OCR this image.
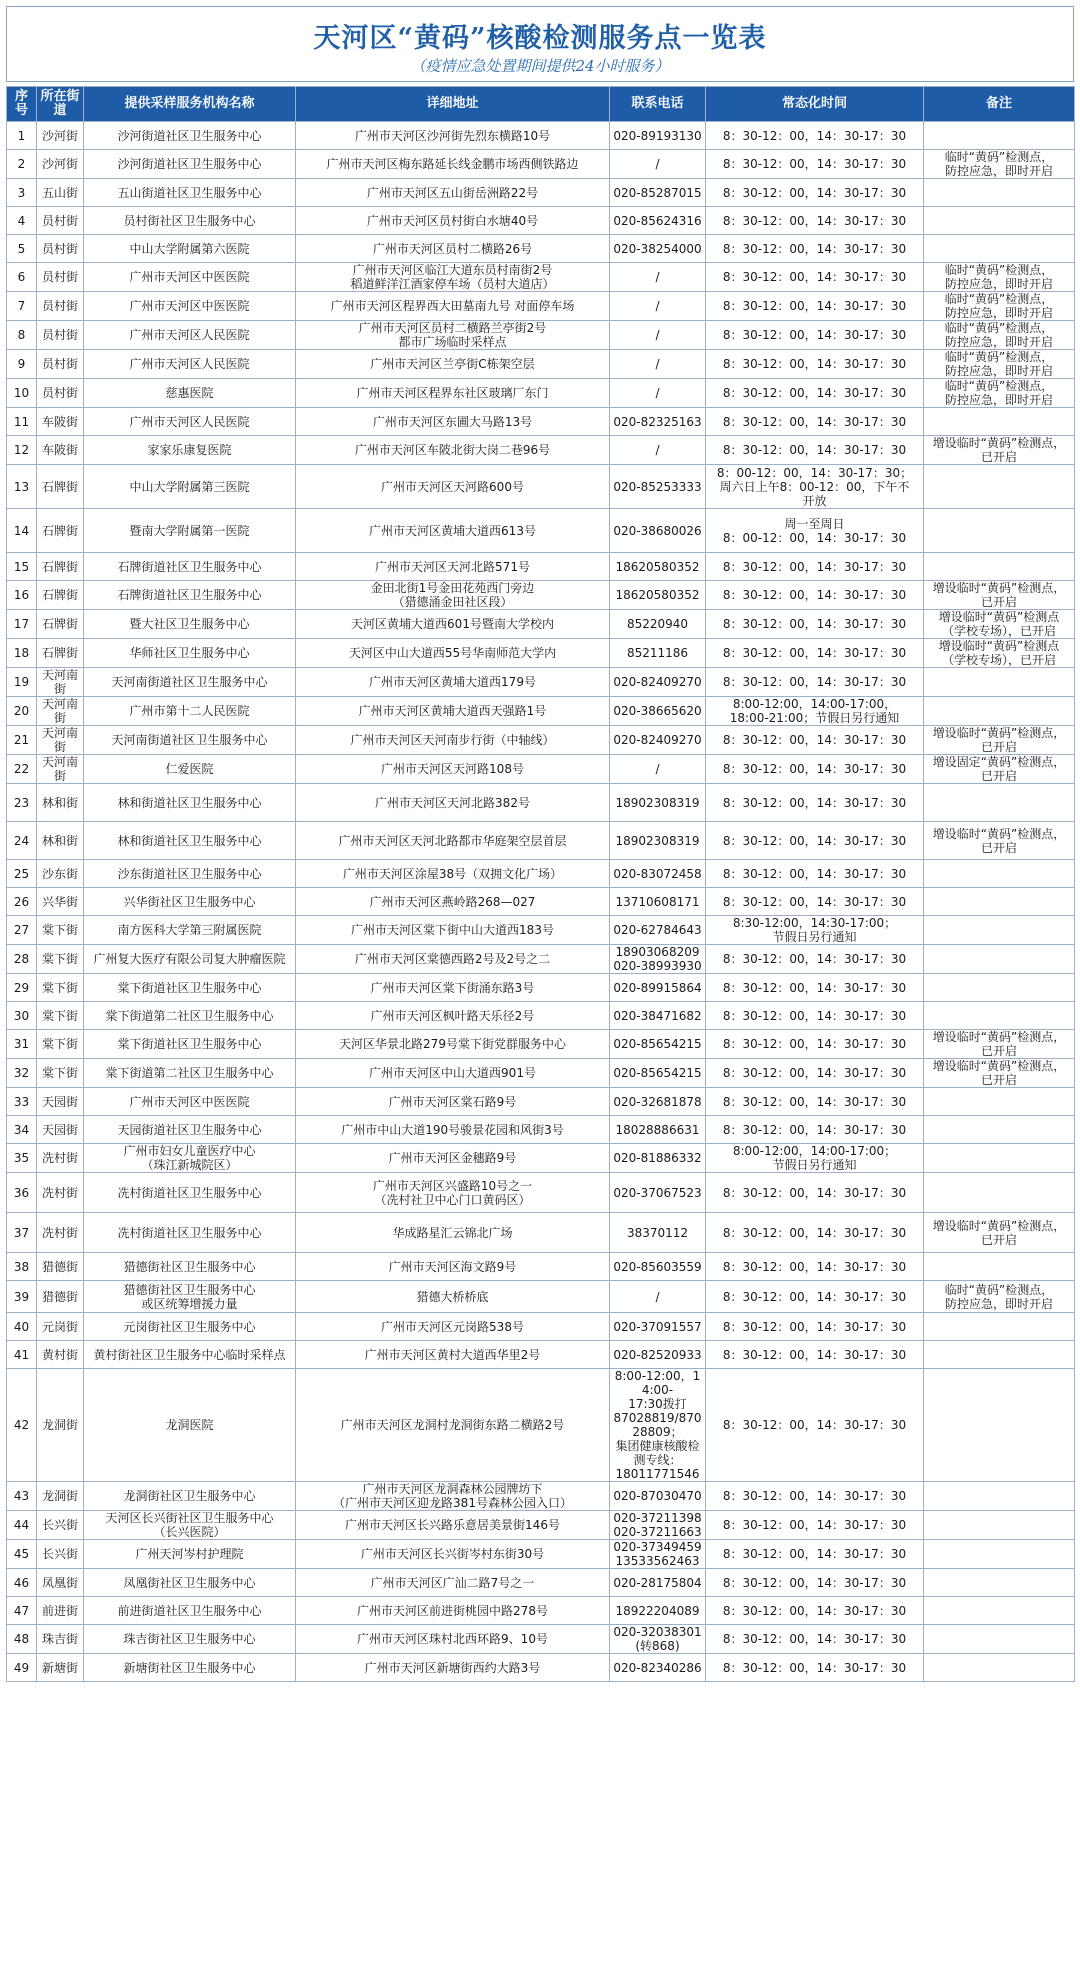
天河区“黄码”核酸检测服务点一览表
（疫情应急处置期间提供24小时服务）
序号	所在街道	提供采样服务机构名称	详细地址	联系电话	常态化时间	备注
1	沙河街	沙河街道社区卫生服务中心	广州市天河区沙河街先烈东横路10号	020-89193130	8：30-12：00，14：30-17：30	
2	沙河街	沙河街道社区卫生服务中心	广州市天河区梅东路延长线金鹏市场西侧铁路边	/	8：30-12：00，14：30-17：30	临时“黄码”检测点，
防控应急，即时开启
3	五山街	五山街道社区卫生服务中心	广州市天河区五山街岳洲路22号	020-85287015	8：30-12：00，14：30-17：30	
4	员村街	员村街社区卫生服务中心	广州市天河区员村街白水塘40号	020-85624316	8：30-12：00，14：30-17：30	
5	员村街	中山大学附属第六医院	广州市天河区员村二横路26号	020-38254000	8：30-12：00，14：30-17：30	
6	员村街	广州市天河区中医医院	广州市天河区临江大道东员村南街2号
稻道鲜洋江酒家停车场（员村大道店）	/	8：30-12：00，14：30-17：30	临时“黄码”检测点，
防控应急，即时开启
7	员村街	广州市天河区中医医院	广州市天河区程界西大田墓南九号 对面停车场	/	8：30-12：00，14：30-17：30	临时“黄码”检测点，
防控应急，即时开启
8	员村街	广州市天河区人民医院	广州市天河区员村二横路兰亭街2号
都市广场临时采样点	/	8：30-12：00，14：30-17：30	临时“黄码”检测点，
防控应急，即时开启
9	员村街	广州市天河区人民医院	广州市天河区兰亭街C栋架空层	/	8：30-12：00，14：30-17：30	临时“黄码”检测点，
防控应急，即时开启
10	员村街	慈惠医院	广州市天河区程界东社区玻璃厂东门	/	8：30-12：00，14：30-17：30	临时“黄码”检测点，
防控应急，即时开启
11	车陂街	广州市天河区人民医院	广州市天河区东圃大马路13号	020-82325163	8：30-12：00，14：30-17：30	
12	车陂街	家家乐康复医院	广州市天河区车陂北街大岗二巷96号	/	8：30-12：00，14：30-17：30	增设临时“黄码”检测点，
已开启
13	石牌街	中山大学附属第三医院	广州市天河区天河路600号	020-85253333	8：00-12：00，14：30-17：30；
周六日上午8：00-12：00，下午不
开放	
14	石牌街	暨南大学附属第一医院	广州市天河区黄埔大道西613号	020-38680026	周一至周日
8：00-12：00，14：30-17：30	
15	石牌街	石牌街道社区卫生服务中心	广州市天河区天河北路571号	18620580352	8：30-12：00，14：30-17：30	
16	石牌街	石牌街道社区卫生服务中心	金田北街1号金田花苑西门旁边
（猎德涌金田社区段）	18620580352	8：30-12：00，14：30-17：30	增设临时“黄码”检测点，
已开启
17	石牌街	暨大社区卫生服务中心	天河区黄埔大道西601号暨南大学校内	85220940	8：30-12：00，14：30-17：30	增设临时“黄码”检测点
（学校专场），已开启
18	石牌街	华师社区卫生服务中心	天河区中山大道西55号华南师范大学内	85211186	8：30-12：00，14：30-17：30	增设临时“黄码”检测点
（学校专场），已开启
19	天河南街	天河南街道社区卫生服务中心	广州市天河区黄埔大道西179号	020-82409270	8：30-12：00，14：30-17：30	
20	天河南街	广州市第十二人民医院	广州市天河区黄埔大道西天强路1号	020-38665620	8:00-12:00，14:00-17:00，
18:00-21:00；节假日另行通知	
21	天河南街	天河南街道社区卫生服务中心	广州市天河区天河南步行街（中轴线）	020-82409270	8：30-12：00，14：30-17：30	增设临时“黄码”检测点，
已开启
22	天河南街	仁爱医院	广州市天河区天河路108号	/	8：30-12：00，14：30-17：30	增设固定“黄码”检测点，
已开启
23	林和街	林和街道社区卫生服务中心	广州市天河区天河北路382号	18902308319	8：30-12：00，14：30-17：30	
24	林和街	林和街道社区卫生服务中心	广州市天河区天河北路都市华庭架空层首层	18902308319	8：30-12：00，14：30-17：30	增设临时“黄码”检测点，
已开启
25	沙东街	沙东街道社区卫生服务中心	广州市天河区涂屋38号（双拥文化广场）	020-83072458	8：30-12：00，14：30-17：30	
26	兴华街	兴华街社区卫生服务中心	广州市天河区燕岭路268—027	13710608171	8：30-12：00，14：30-17：30	
27	棠下街	南方医科大学第三附属医院	广州市天河区棠下街中山大道西183号	020-62784643	8:30-12:00，14:30-17:00；
节假日另行通知	
28	棠下街	广州复大医疗有限公司复大肿瘤医院	广州市天河区棠德西路2号及2号之二	18903068209
020-38993930	8：30-12：00，14：30-17：30	
29	棠下街	棠下街道社区卫生服务中心	广州市天河区棠下街涌东路3号	020-89915864	8：30-12：00，14：30-17：30	
30	棠下街	棠下街道第二社区卫生服务中心	广州市天河区枫叶路天乐径2号	020-38471682	8：30-12：00，14：30-17：30	
31	棠下街	棠下街道社区卫生服务中心	天河区华景北路279号棠下街党群服务中心	020-85654215	8：30-12：00，14：30-17：30	增设临时“黄码”检测点，
已开启
32	棠下街	棠下街道第二社区卫生服务中心	广州市天河区中山大道西901号	020-85654215	8：30-12：00，14：30-17：30	增设临时“黄码”检测点，
已开启
33	天园街	广州市天河区中医医院	广州市天河区棠石路9号	020-32681878	8：30-12：00，14：30-17：30	
34	天园街	天园街道社区卫生服务中心	广州市中山大道190号骏景花园和风街3号	18028886631	8：30-12：00，14：30-17：30	
35	冼村街	广州市妇女儿童医疗中心
（珠江新城院区）	广州市天河区金穗路9号	020-81886332	8:00-12:00，14:00-17:00；
节假日另行通知	
36	冼村街	冼村街道社区卫生服务中心	广州市天河区兴盛路10号之一
（冼村社卫中心门口黄码区）	020-37067523	8：30-12：00，14：30-17：30	
37	冼村街	冼村街道社区卫生服务中心	华成路星汇云锦北广场	38370112	8：30-12：00，14：30-17：30	增设临时“黄码”检测点，
已开启
38	猎德街	猎德街社区卫生服务中心	广州市天河区海文路9号	020-85603559	8：30-12：00，14：30-17：30	
39	猎德街	猎德街社区卫生服务中心
或区统筹增援力量	猎德大桥桥底	/	8：30-12：00，14：30-17：30	临时“黄码”检测点，
防控应急，即时开启
40	元岗街	元岗街社区卫生服务中心	广州市天河区元岗路538号	020-37091557	8：30-12：00，14：30-17：30	
41	黄村街	黄村街社区卫生服务中心临时采样点	广州市天河区黄村大道西华里2号	020-82520933	8：30-12：00，14：30-17：30	
42	龙洞街	龙洞医院	广州市天河区龙洞村龙洞街东路二横路2号	8:00-12:00，14:00-
17:30拨打
87028819/87028809；
集团健康核酸检测专线：
18011771546	8：30-12：00，14：30-17：30	
43	龙洞街	龙洞街社区卫生服务中心	广州市天河区龙洞森林公园牌坊下
（广州市天河区迎龙路381号森林公园入口）	020-87030470	8：30-12：00，14：30-17：30	
44	长兴街	天河区长兴街社区卫生服务中心
（长兴医院）	广州市天河区长兴路乐意居美景街146号	020-37211398
020-37211663	8：30-12：00，14：30-17：30	
45	长兴街	广州天河岑村护理院	广州市天河区长兴街岑村东街30号	020-37349459
13533562463	8：30-12：00，14：30-17：30	
46	凤凰街	凤凰街社区卫生服务中心	广州市天河区广汕二路7号之一	020-28175804	8：30-12：00，14：30-17：30	
47	前进街	前进街道社区卫生服务中心	广州市天河区前进街桃园中路278号	18922204089	8：30-12：00，14：30-17：30	
48	珠吉街	珠吉街社区卫生服务中心	广州市天河区珠村北西环路9、10号	020-32038301
(转868)	8：30-12：00，14：30-17：30	
49	新塘街	新塘街社区卫生服务中心	广州市天河区新塘街西约大路3号	020-82340286	8：30-12：00，14：30-17：30	
